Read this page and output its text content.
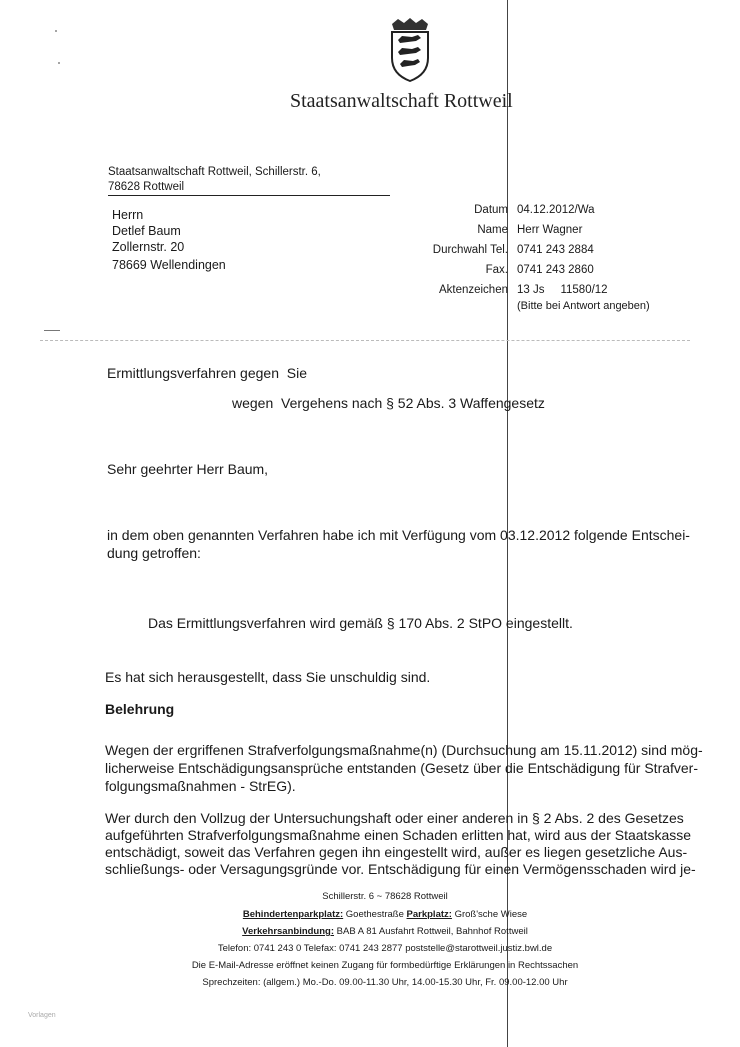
Staatsanwaltschaft Rottweil
Staatsanwaltschaft Rottweil, Schillerstr. 6,
78628 Rottweil
Herrn
Detlef Baum
Zollernstr. 20
78669 Wellendingen
Datum
Name
Durchwahl Tel.
Fax.
Aktenzeichen
04.12.2012/Wa
Herr Wagner
0741 243 2884
0741 243 2860
13 Js     11580/12
(Bitte bei Antwort angeben)
Ermittlungsverfahren gegen  Sie
wegen  Vergehens nach § 52 Abs. 3 Waffengesetz
Sehr geehrter Herr Baum,
in dem oben genannten Verfahren habe ich mit Verfügung vom 03.12.2012 folgende Entschei-
dung getroffen:
Das Ermittlungsverfahren wird gemäß § 170 Abs. 2 StPO eingestellt.
Es hat sich herausgestellt, dass Sie unschuldig sind.
Belehrung
Wegen der ergriffenen Strafverfolgungsmaßnahme(n) (Durchsuchung am 15.11.2012) sind mög-
licherweise Entschädigungsansprüche entstanden (Gesetz über die Entschädigung für Strafver-
folgungsmaßnahmen - StrEG).
Wer durch den Vollzug der Untersuchungshaft oder einer anderen in § 2 Abs. 2 des Gesetzes
aufgeführten Strafverfolgungsmaßnahme einen Schaden erlitten hat, wird aus der Staatskasse
entschädigt, soweit das Verfahren gegen ihn eingestellt wird, außer es liegen gesetzliche Aus-
schließungs- oder Versagungsgründe vor. Entschädigung für einen Vermögensschaden wird je-
Schillerstr. 6 ~ 78628 Rottweil
Behindertenparkplatz: Goethestraße Parkplatz: Groß'sche Wiese
Verkehrsanbindung: BAB A 81 Ausfahrt Rottweil, Bahnhof Rottweil
Telefon: 0741 243 0 Telefax: 0741 243 2877 poststelle@starottweil.justiz.bwl.de
Die E-Mail-Adresse eröffnet keinen Zugang für formbedürftige Erklärungen in Rechtssachen
Sprechzeiten: (allgem.) Mo.-Do. 09.00-11.30 Uhr, 14.00-15.30 Uhr, Fr. 09.00-12.00 Uhr
Vorlagen
